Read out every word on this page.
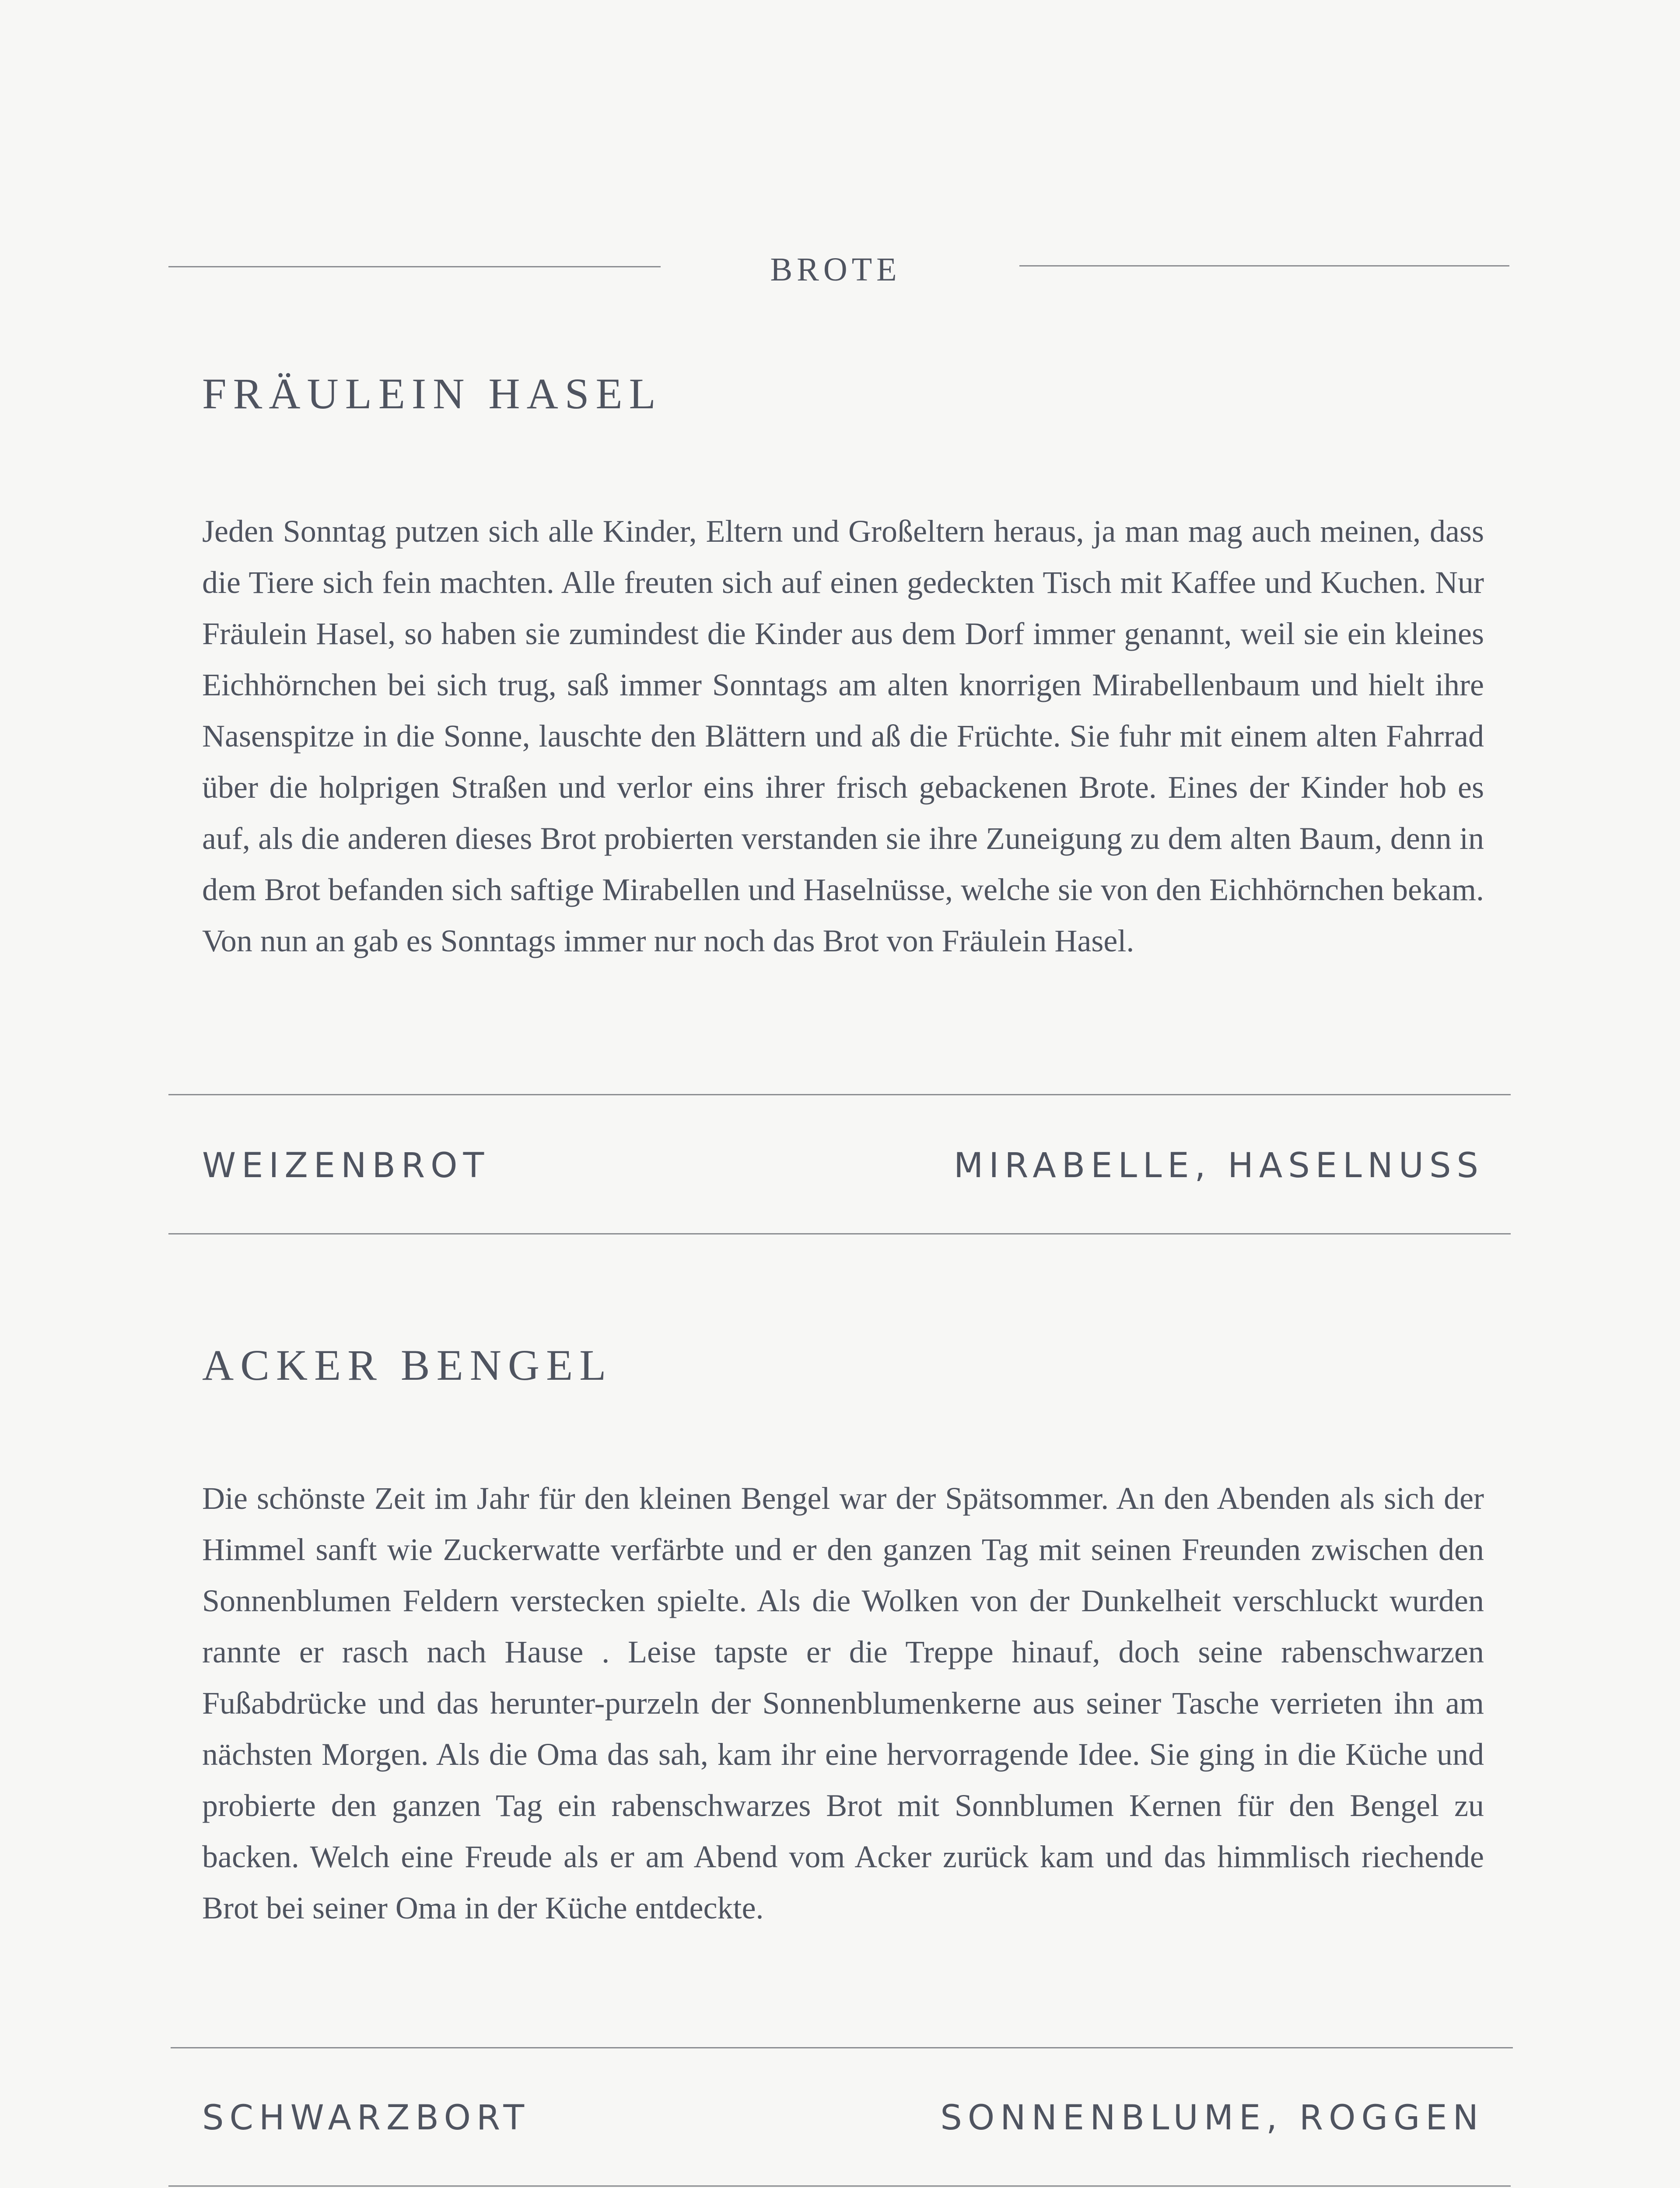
BROTE
FRÄULEIN HASEL
Jeden Sonntag putzen sich alle Kinder, Eltern und Großeltern heraus, ja man mag auch meinen, dass die Tiere sich fein machten. Alle freuten sich auf einen gedeckten Tisch mit Kaffee und Kuchen. Nur Fräulein Hasel, so haben sie zumindest die Kinder aus dem Dorf immer genannt, weil sie ein kleines Eichhörnchen bei sich trug, saß immer Sonntags am alten knorrigen Mirabellenbaum und hielt ihre Nasenspitze in die Sonne, lauschte den Blättern und aß die Früchte. Sie fuhr mit einem alten Fahrrad über die holprigen Straßen und verlor eins ihrer frisch gebackenen Brote. Eines der Kinder hob es auf, als die anderen dieses Brot probierten verstanden sie ihre Zuneigung zu dem alten Baum, denn in dem Brot befanden sich saftige Mirabellen und Haselnüsse, welche sie von den Eichhörnchen bekam. Von nun an gab es Sonntags immer nur noch das Brot von Fräulein Hasel.
WEIZENBROT	MIRABELLE, HASELNUSS
ACKER BENGEL
Die schönste Zeit im Jahr für den kleinen Bengel war der Spätsommer. An den Abenden als sich der Himmel sanft wie Zuckerwatte verfärbte und er den ganzen Tag mit seinen Freunden zwischen den Sonnenblumen Feldern verstecken spielte. Als die Wolken von der Dunkelheit verschluckt wurden rannte er rasch nach Hause . Leise tapste er die Treppe hinauf, doch seine rabenschwarzen Fußabdrücke und das herunter-purzeln der Sonnenblumenkerne aus seiner Tasche verrieten ihn am nächsten Morgen. Als die Oma das sah, kam ihr eine hervorragende Idee. Sie ging in die Küche und probierte den ganzen Tag ein rabenschwarzes Brot mit Sonnblumen Kernen für den Bengel zu backen. Welch eine Freude als er am Abend vom Acker zurück kam und das himmlisch riechende Brot bei seiner Oma in der Küche entdeckte.
SCHWARZBORT	SONNENBLUME, ROGGEN
